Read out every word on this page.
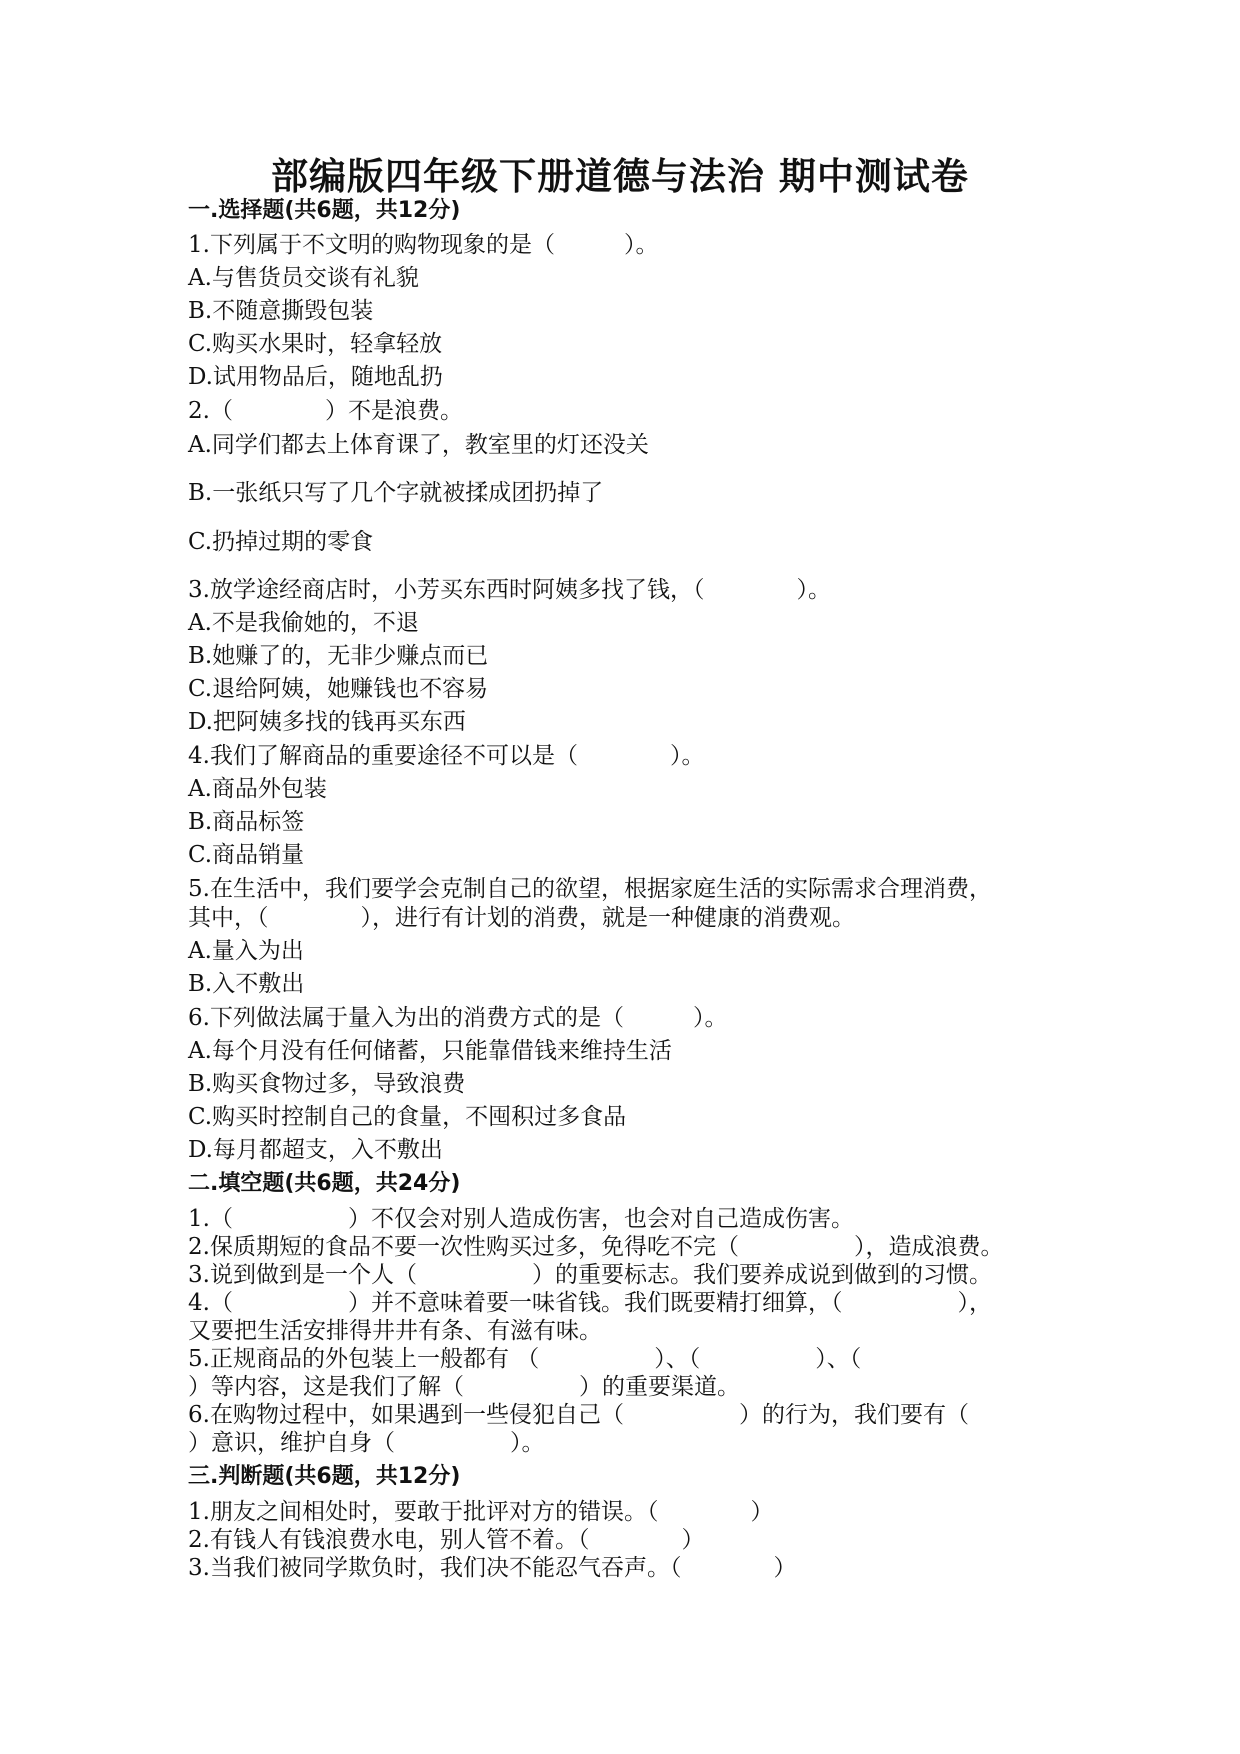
部编版四年级下册道德与法治 期中测试卷
一.选择题(共6题，共12分)
1.下列属于不文明的购物现象的是（　　　）。
A.与售货员交谈有礼貌
B.不随意撕毁包装
C.购买水果时，轻拿轻放
D.试用物品后，随地乱扔
2.（　　　　）不是浪费。
A.同学们都去上体育课了，教室里的灯还没关
B.一张纸只写了几个字就被揉成团扔掉了
C.扔掉过期的零食
3.放学途经商店时，小芳买东西时阿姨多找了钱，（　　　　）。
A.不是我偷她的，不退
B.她赚了的，无非少赚点而已
C.退给阿姨，她赚钱也不容易
D.把阿姨多找的钱再买东西
4.我们了解商品的重要途径不可以是（　　　　）。
A.商品外包装
B.商品标签
C.商品销量
5.在生活中，我们要学会克制自己的欲望，根据家庭生活的实际需求合理消费，
其中，（　　　　），进行有计划的消费，就是一种健康的消费观。
A.量入为出
B.入不敷出
6.下列做法属于量入为出的消费方式的是（　　　）。
A.每个月没有任何储蓄，只能靠借钱来维持生活
B.购买食物过多，导致浪费
C.购买时控制自己的食量，不囤积过多食品
D.每月都超支，入不敷出
二.填空题(共6题，共24分)
1.（　　　　　）不仅会对别人造成伤害，也会对自己造成伤害。
2.保质期短的食品不要一次性购买过多，免得吃不完（　　　　　），造成浪费。
3.说到做到是一个人（　　　　　）的重要标志。我们要养成说到做到的习惯。
4.（　　　　　）并不意味着要一味省钱。我们既要精打细算，（　　　　　），
又要把生活安排得井井有条、有滋有味。
5.正规商品的外包装上一般都有 （　　　　　）、（　　　　　）、（
）等内容，这是我们了解（　　　　　）的重要渠道。
6.在购物过程中，如果遇到一些侵犯自己（　　　　　）的行为，我们要有（
）意识，维护自身（　　　　　）。
三.判断题(共6题，共12分)
1.朋友之间相处时，要敢于批评对方的错误。（　　　　）
2.有钱人有钱浪费水电，别人管不着。（　　　　）
3.当我们被同学欺负时，我们决不能忍气吞声。（　　　　）
